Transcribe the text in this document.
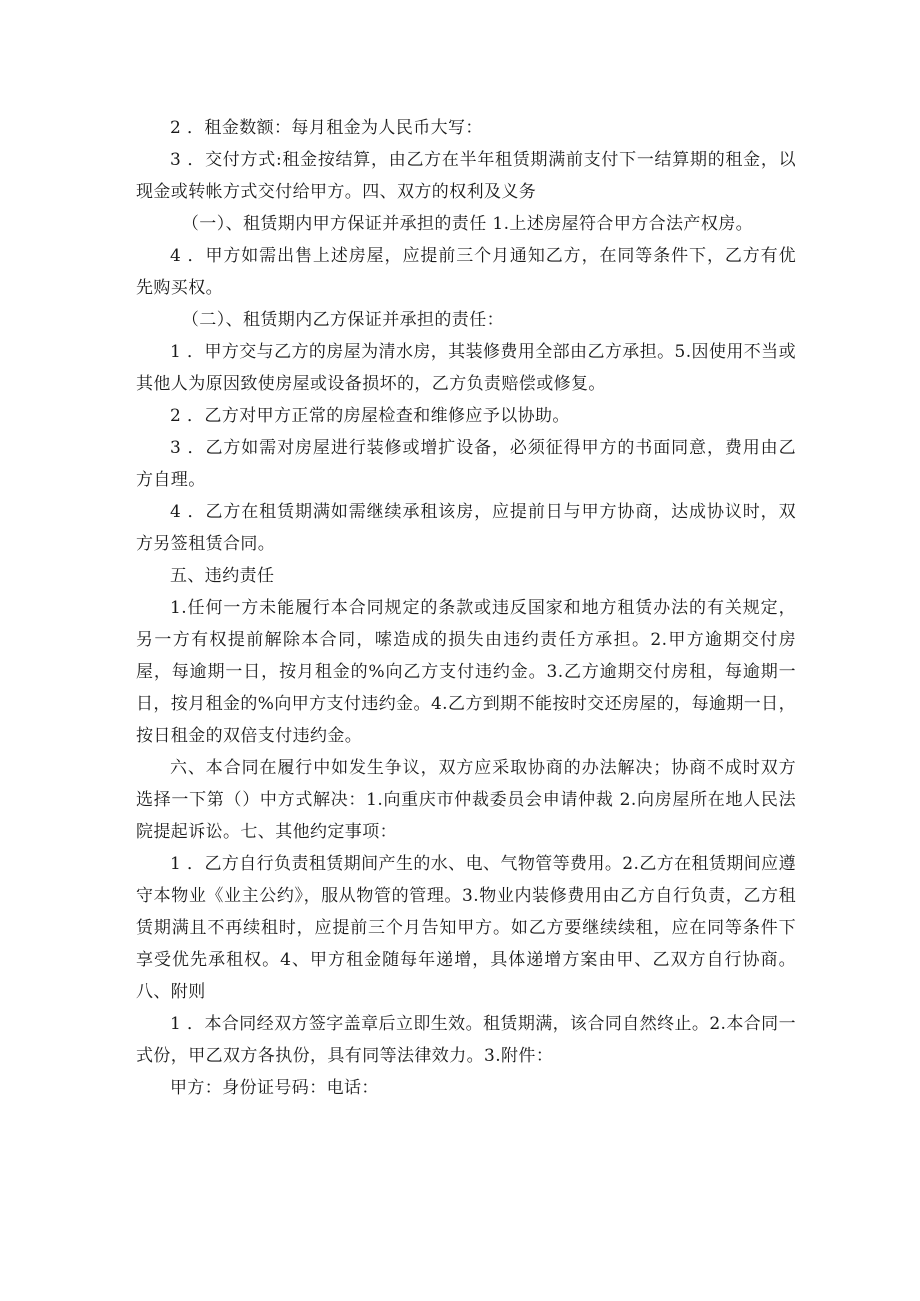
2 ．租金数额：每月租金为人民币大写：

3 ．交付方式:租金按结算，由乙方在半年租赁期满前支付下一结算期的租金，以现金或转帐方式交付给甲方。四、双方的权利及义务

（一）、租赁期内甲方保证并承担的责任 1.上述房屋符合甲方合法产权房。

4 ．甲方如需出售上述房屋，应提前三个月通知乙方，在同等条件下，乙方有优先购买权。

（二）、租赁期内乙方保证并承担的责任：

1 ．甲方交与乙方的房屋为清水房，其装修费用全部由乙方承担。5.因使用不当或其他人为原因致使房屋或设备损坏的，乙方负责赔偿或修复。

2 ．乙方对甲方正常的房屋检查和维修应予以协助。

3 ．乙方如需对房屋进行装修或增扩设备，必须征得甲方的书面同意，费用由乙方自理。

4 ．乙方在租赁期满如需继续承租该房，应提前日与甲方协商，达成协议时，双方另签租赁合同。

五、违约责任

1.任何一方未能履行本合同规定的条款或违反国家和地方租赁办法的有关规定，另一方有权提前解除本合同，嗦造成的损失由违约责任方承担。2.甲方逾期交付房屋，每逾期一日，按月租金的%向乙方支付违约金。3.乙方逾期交付房租，每逾期一日，按月租金的%向甲方支付违约金。4.乙方到期不能按时交还房屋的，每逾期一日，按日租金的双倍支付违约金。

六、本合同在履行中如发生争议，双方应采取协商的办法解决；协商不成时双方选择一下第（）中方式解决：1.向重庆市仲裁委员会申请仲裁 2.向房屋所在地人民法院提起诉讼。七、其他约定事项：

1 ．乙方自行负责租赁期间产生的水、电、气物管等费用。2.乙方在租赁期间应遵守本物业《业主公约》，服从物管的管理。3.物业内装修费用由乙方自行负责，乙方租赁期满且不再续租时，应提前三个月告知甲方。如乙方要继续续租，应在同等条件下享受优先承租权。4、甲方租金随每年递增，具体递增方案由甲、乙双方自行协商。八、附则

1 ．本合同经双方签字盖章后立即生效。租赁期满，该合同自然终止。2.本合同一式份，甲乙双方各执份，具有同等法律效力。3.附件：

甲方：身份证号码：电话：
